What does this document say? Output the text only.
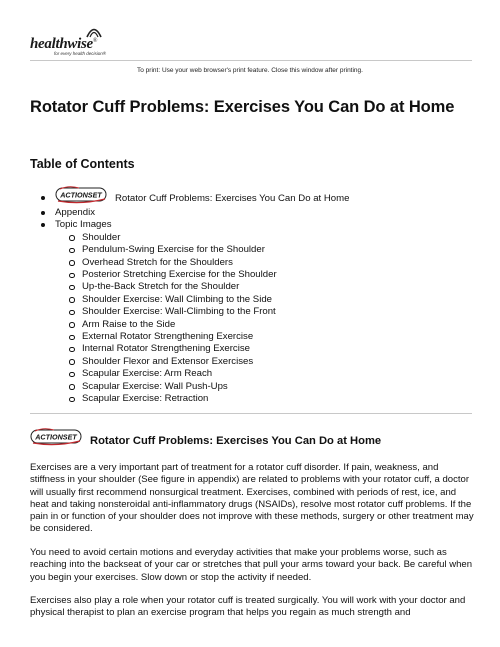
healthwise®
for every health decision®
To print: Use your web browser's print feature. Close this window after printing.
Rotator Cuff Problems: Exercises You Can Do at Home
Table of Contents
ACTIONSET Rotator Cuff Problems: Exercises You Can Do at Home
Appendix
Topic Images
Shoulder
Pendulum-Swing Exercise for the Shoulder
Overhead Stretch for the Shoulders
Posterior Stretching Exercise for the Shoulder
Up-the-Back Stretch for the Shoulder
Shoulder Exercise: Wall Climbing to the Side
Shoulder Exercise: Wall-Climbing to the Front
Arm Raise to the Side
External Rotator Strengthening Exercise
Internal Rotator Strengthening Exercise
Shoulder Flexor and Extensor Exercises
Scapular Exercise: Arm Reach
Scapular Exercise: Wall Push-Ups
Scapular Exercise: Retraction
ACTIONSET Rotator Cuff Problems: Exercises You Can Do at Home

Exercises are a very important part of treatment for a rotator cuff disorder. If pain, weakness, and stiffness in your shoulder (See figure in appendix) are related to problems with your rotator cuff, a doctor will usually first recommend nonsurgical treatment. Exercises, combined with periods of rest, ice, and heat and taking nonsteroidal anti-inflammatory drugs (NSAIDs), resolve most rotator cuff problems. If the pain in or function of your shoulder does not improve with these methods, surgery or other treatment may be considered.

You need to avoid certain motions and everyday activities that make your problems worse, such as reaching into the backseat of your car or stretches that pull your arms toward your back. Be careful when you begin your exercises. Slow down or stop the activity if needed.

Exercises also play a role when your rotator cuff is treated surgically. You will work with your doctor and physical therapist to plan an exercise program that helps you regain as much strength and
